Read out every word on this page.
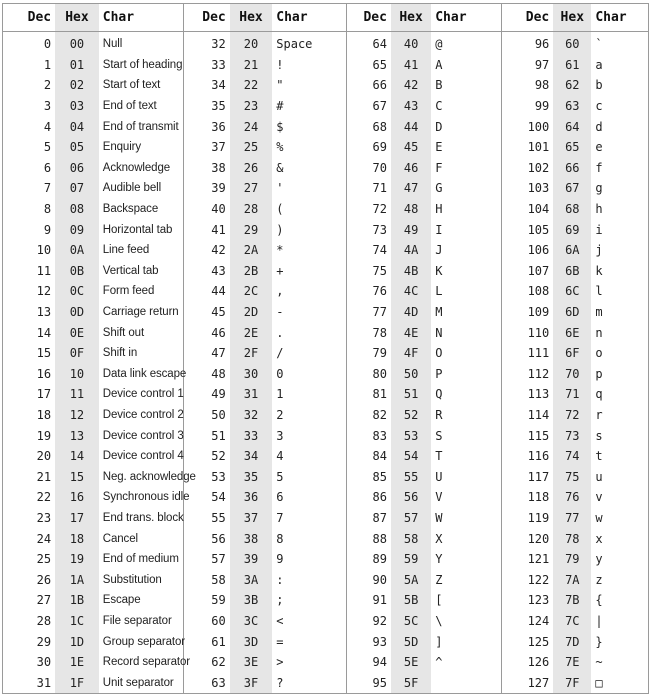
Dec	Hex	Char	Dec	Hex	Char	Dec	Hex	Char	Dec	Hex	Char
0	00	Null	32	20	Space	64	40	@	96	60	`
1	01	Start of heading	33	21	!	65	41	A	97	61	a
2	02	Start of text	34	22	"	66	42	B	98	62	b
3	03	End of text	35	23	#	67	43	C	99	63	c
4	04	End of transmit	36	24	$	68	44	D	100	64	d
5	05	Enquiry	37	25	%	69	45	E	101	65	e
6	06	Acknowledge	38	26	&	70	46	F	102	66	f
7	07	Audible bell	39	27	'	71	47	G	103	67	g
8	08	Backspace	40	28	(	72	48	H	104	68	h
9	09	Horizontal tab	41	29	)	73	49	I	105	69	i
10	0A	Line feed	42	2A	*	74	4A	J	106	6A	j
11	0B	Vertical tab	43	2B	+	75	4B	K	107	6B	k
12	0C	Form feed	44	2C	,	76	4C	L	108	6C	l
13	0D	Carriage return	45	2D	-	77	4D	M	109	6D	m
14	0E	Shift out	46	2E	.	78	4E	N	110	6E	n
15	0F	Shift in	47	2F	/	79	4F	O	111	6F	o
16	10	Data link escape	48	30	0	80	50	P	112	70	p
17	11	Device control 1	49	31	1	81	51	Q	113	71	q
18	12	Device control 2	50	32	2	82	52	R	114	72	r
19	13	Device control 3	51	33	3	83	53	S	115	73	s
20	14	Device control 4	52	34	4	84	54	T	116	74	t
21	15	Neg. acknowledge	53	35	5	85	55	U	117	75	u
22	16	Synchronous idle	54	36	6	86	56	V	118	76	v
23	17	End trans. block	55	37	7	87	57	W	119	77	w
24	18	Cancel	56	38	8	88	58	X	120	78	x
25	19	End of medium	57	39	9	89	59	Y	121	79	y
26	1A	Substitution	58	3A	:	90	5A	Z	122	7A	z
27	1B	Escape	59	3B	;	91	5B	[	123	7B	{
28	1C	File separator	60	3C	<	92	5C	\	124	7C	|
29	1D	Group separator	61	3D	=	93	5D	]	125	7D	}
30	1E	Record separator	62	3E	>	94	5E	^	126	7E	~
31	1F	Unit separator	63	3F	?	95	5F		127	7F	□
